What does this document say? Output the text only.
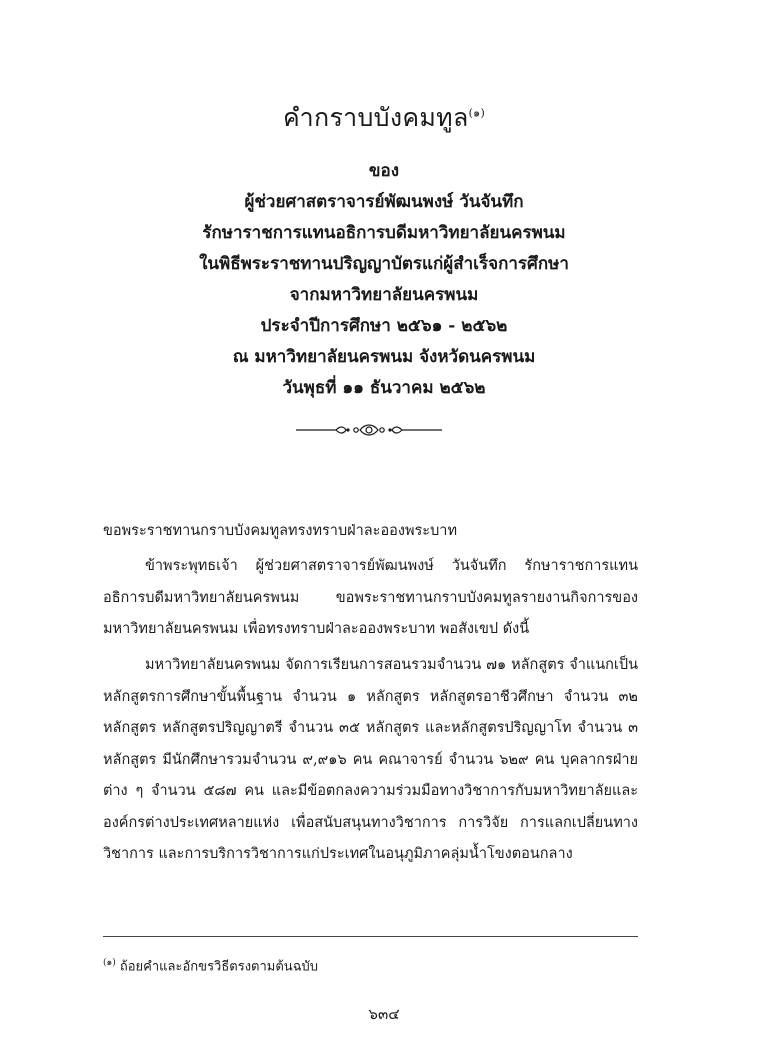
คำกราบบังคมทูล$^{(๑)}$
ของ
ผู้ช่วยศาสตราจารย์พัฒนพงษ์ วันจันทึก
รักษาราชการแทนอธิการบดีมหาวิทยาลัยนครพนม
ในพิธีพระราชทานปริญญาบัตรแก่ผู้สำเร็จการศึกษา
จากมหาวิทยาลัยนครพนม
ประจำปีการศึกษา ๒๕๖๑ - ๒๕๖๒
ณ มหาวิทยาลัยนครพนม จังหวัดนครพนม
วันพุธที่ ๑๑ ธันวาคม ๒๕๖๒
ขอพระราชทานกราบบังคมทูลทรงทราบฝ่าละอองพระบาท
ข้าพระพุทธเจ้า ผู้ช่วยศาสตราจารย์พัฒนพงษ์ วันจันทึก รักษาราชการแทนอธิการบดีมหาวิทยาลัยนครพนม ขอพระราชทานกราบบังคมทูลรายงานกิจการของมหาวิทยาลัยนครพนม เพื่อทรงทราบฝ่าละอองพระบาท พอสังเขป ดังนี้
มหาวิทยาลัยนครพนม จัดการเรียนการสอนรวมจำนวน ๗๑ หลักสูตร จำแนกเป็น หลักสูตรการศึกษาขั้นพื้นฐาน จำนวน ๑ หลักสูตร หลักสูตรอาชีวศึกษา จำนวน ๓๒ หลักสูตร หลักสูตรปริญญาตรี จำนวน ๓๕ หลักสูตร และหลักสูตรปริญญาโท จำนวน ๓ หลักสูตร มีนักศึกษารวมจำนวน ๙,๙๑๖ คน คณาจารย์ จำนวน ๖๒๙ คน บุคลากรฝ่ายต่าง ๆ จำนวน ๕๘๗ คน และมีข้อตกลงความร่วมมือทางวิชาการกับมหาวิทยาลัยและองค์กรต่างประเทศหลายแห่ง เพื่อสนับสนุนทางวิชาการ การวิจัย การแลกเปลี่ยนทางวิชาการ และการบริการวิชาการแก่ประเทศในอนุภูมิภาคลุ่มน้ำโขงตอนกลาง
$^{(๑)}$ ถ้อยคำและอักขรวิธีตรงตามต้นฉบับ
๖๓๔
